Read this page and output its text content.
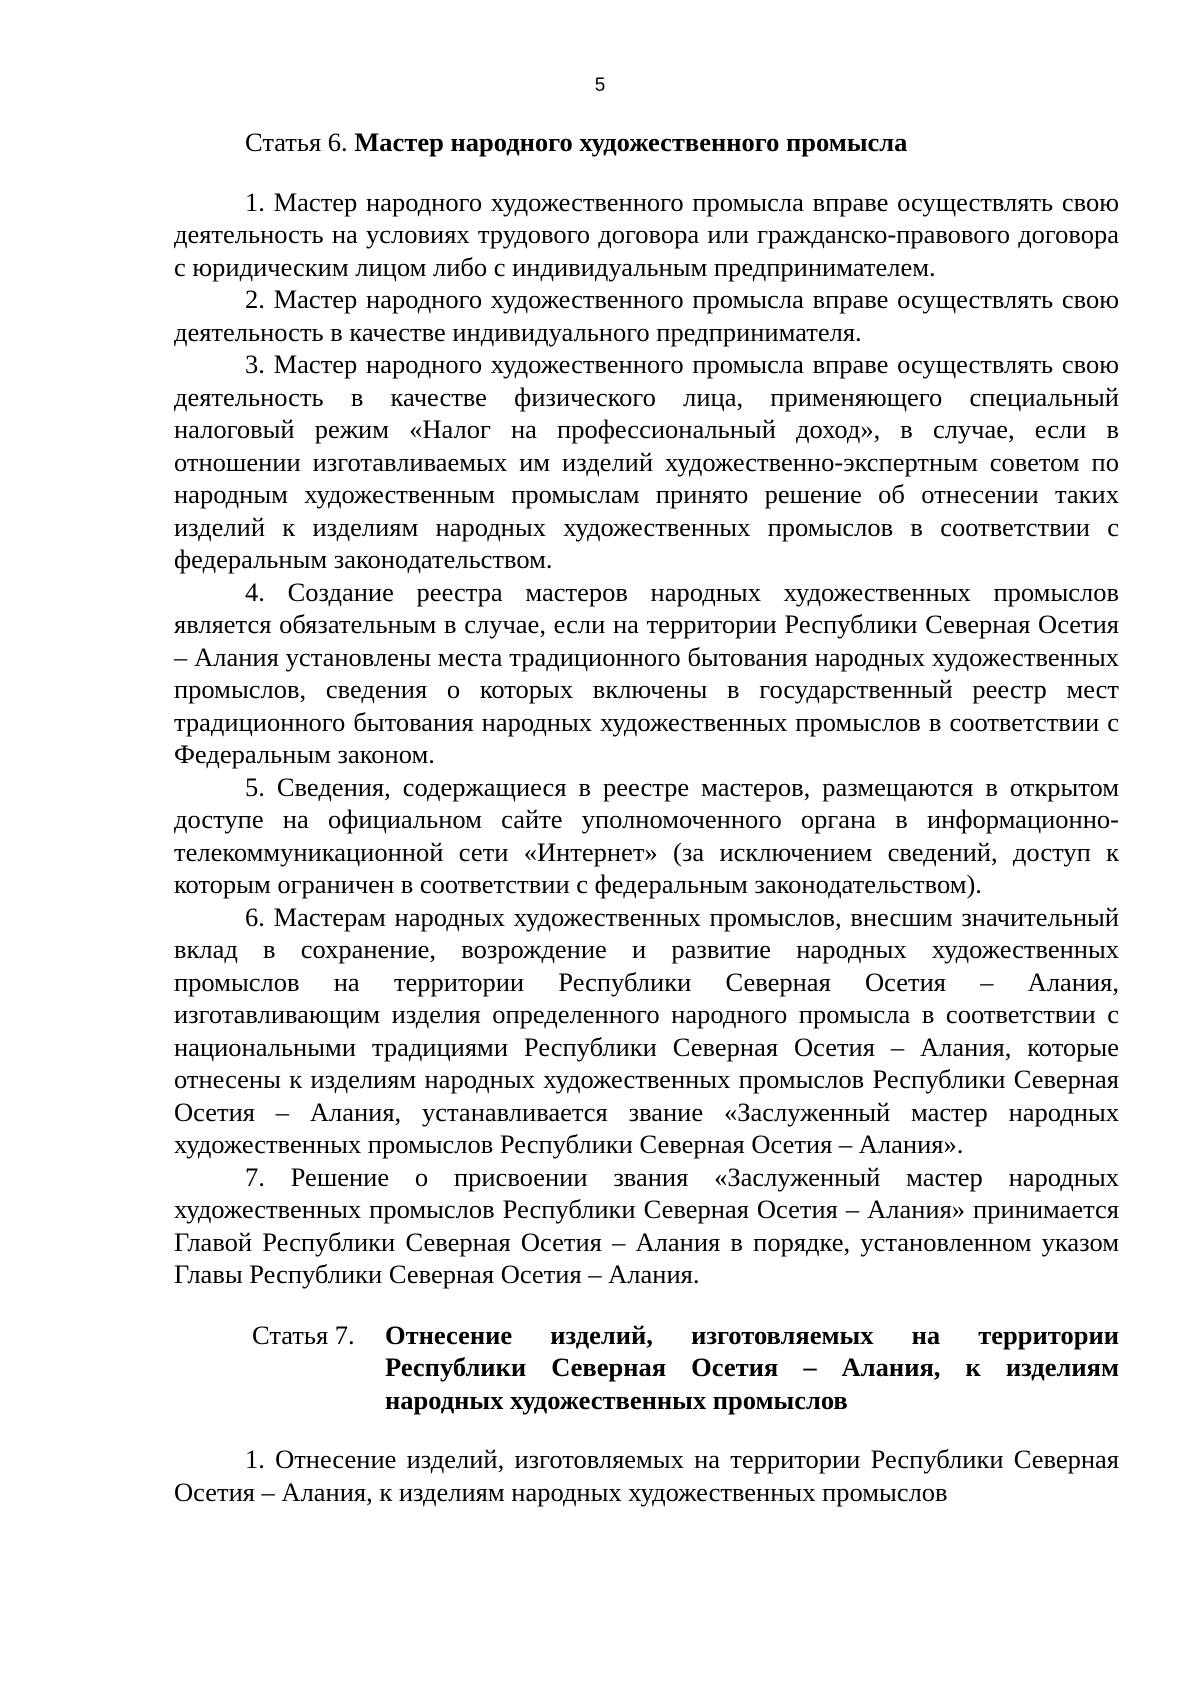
5

Статья 6. Мастер народного художественного промысла

1. Мастер народного художественного промысла вправе осуществлять свою деятельность на условиях трудового договора или гражданско-правового договора с юридическим лицом либо с индивидуальным предпринимателем.

2. Мастер народного художественного промысла вправе осуществлять свою деятельность в качестве индивидуального предпринимателя.

3. Мастер народного художественного промысла вправе осуществлять свою деятельность в качестве физического лица, применяющего специальный налоговый режим «Налог на профессиональный доход», в случае, если в отношении изготавливаемых им изделий художественно-экспертным советом по народным художественным промыслам принято решение об отнесении таких изделий к изделиям народных художественных промыслов в соответствии с федеральным законодательством.

4. Создание реестра мастеров народных художественных промыслов является обязательным в случае, если на территории Республики Северная Осетия – Алания установлены места традиционного бытования народных художественных промыслов, сведения о которых включены в государственный реестр мест традиционного бытования народных художественных промыслов в соответствии с Федеральным законом.

5. Сведения, содержащиеся в реестре мастеров, размещаются в открытом доступе на официальном сайте уполномоченного органа в информационно-телекоммуникационной сети «Интернет» (за исключением сведений, доступ к которым ограничен в соответствии с федеральным законодательством).

6. Мастерам народных художественных промыслов, внесшим значительный вклад в сохранение, возрождение и развитие народных художественных промыслов на территории Республики Северная Осетия – Алания, изготавливающим изделия определенного народного промысла в соответствии с национальными традициями Республики Северная Осетия – Алания, которые отнесены к изделиям народных художественных промыслов Республики Северная Осетия – Алания, устанавливается звание «Заслуженный мастер народных художественных промыслов Республики Северная Осетия – Алания».

7. Решение о присвоении звания «Заслуженный мастер народных художественных промыслов Республики Северная Осетия – Алания» принимается Главой Республики Северная Осетия – Алания в порядке, установленном указом Главы Республики Северная Осетия – Алания.

Статья 7.	Отнесение изделий, изготовляемых на территории Республики Северная Осетия – Алания, к изделиям народных художественных промыслов

1. Отнесение изделий, изготовляемых на территории Республики Северная Осетия – Алания, к изделиям народных художественных промыслов
